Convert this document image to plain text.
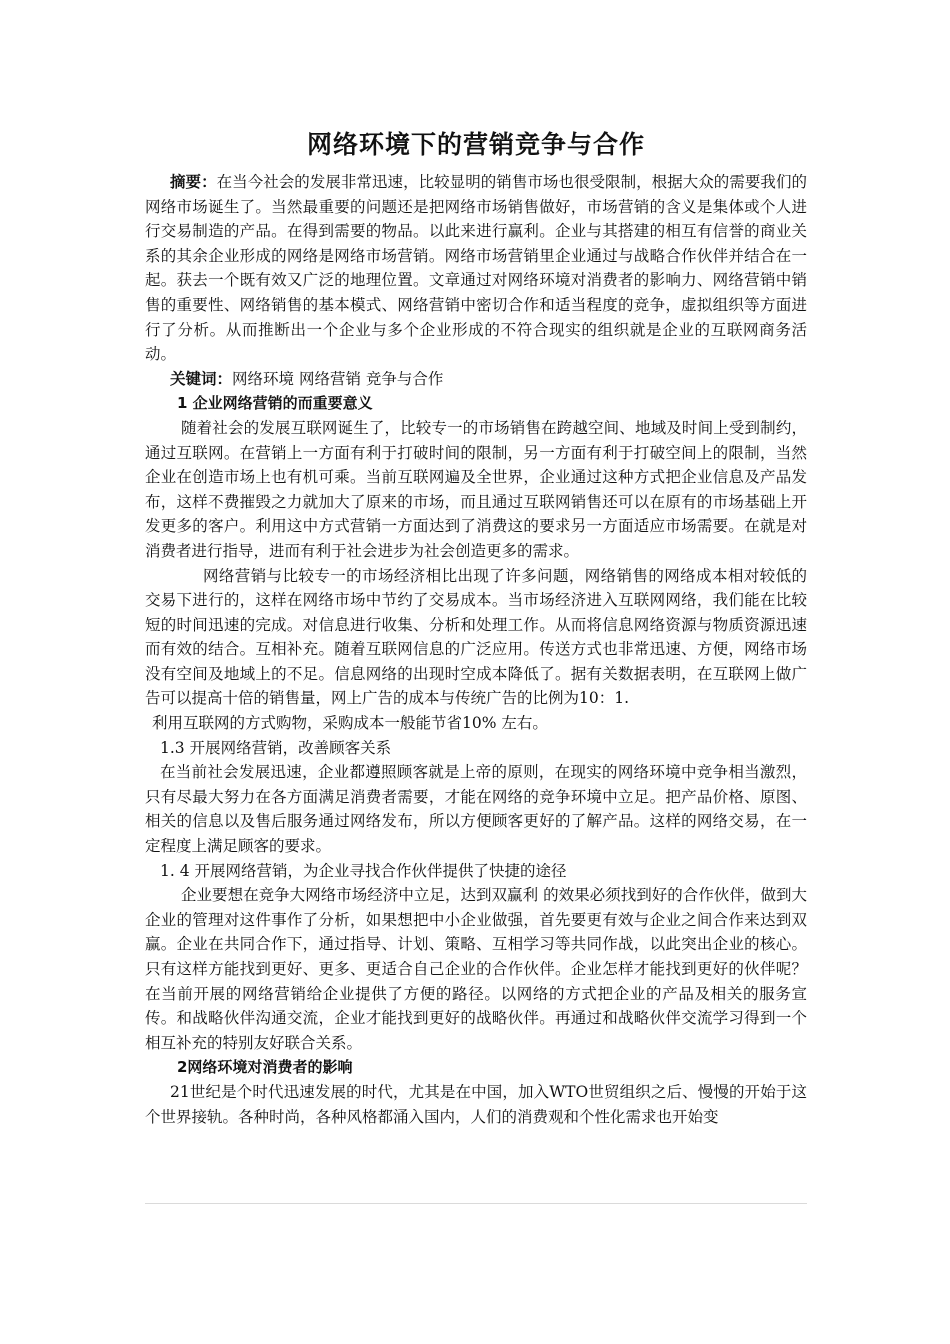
网络环境下的营销竞争与合作

摘要：在当今社会的发展非常迅速，比较显明的销售市场也很受限制，根据大众的需要我们的网络市场诞生了。当然最重要的问题还是把网络市场销售做好，市场营销的含义是集体或个人进行交易制造的产品。在得到需要的物品。以此来进行赢利。企业与其搭建的相互有信誉的商业关系的其余企业形成的网络是网络市场营销。网络市场营销里企业通过与战略合作伙伴并结合在一起。获去一个既有效又广泛的地理位置。文章通过对网络环境对消费者的影响力、网络营销中销售的重要性、网络销售的基本模式、网络营销中密切合作和适当程度的竞争，虚拟组织等方面进行了分析。从而推断出一个企业与多个企业形成的不符合现实的组织就是企业的互联网商务活动。

关键词：网络环境 网络营销 竞争与合作

1 企业网络营销的而重要意义

随着社会的发展互联网诞生了，比较专一的市场销售在跨越空间、地域及时间上受到制约，通过互联网。在营销上一方面有利于打破时间的限制，另一方面有利于打破空间上的限制，当然企业在创造市场上也有机可乘。当前互联网遍及全世界，企业通过这种方式把企业信息及产品发布，这样不费摧毁之力就加大了原来的市场，而且通过互联网销售还可以在原有的市场基础上开发更多的客户。利用这中方式营销一方面达到了消费这的要求另一方面适应市场需要。在就是对消费者进行指导，进而有利于社会进步为社会创造更多的需求。

网络营销与比较专一的市场经济相比出现了许多问题，网络销售的网络成本相对较低的交易下进行的，这样在网络市场中节约了交易成本。当市场经济进入互联网网络，我们能在比较短的时间迅速的完成。对信息进行收集、分析和处理工作。从而将信息网络资源与物质资源迅速而有效的结合。互相补充。随着互联网信息的广泛应用。传送方式也非常迅速、方便，网络市场没有空间及地域上的不足。信息网络的出现时空成本降低了。据有关数据表明，在互联网上做广告可以提高十倍的销售量，网上广告的成本与传统广告的比例为10：1.

利用互联网的方式购物，采购成本一般能节省10% 左右。

1.3 开展网络营销，改善顾客关系

在当前社会发展迅速，企业都遵照顾客就是上帝的原则，在现实的网络环境中竞争相当激烈，只有尽最大努力在各方面满足消费者需要，才能在网络的竞争环境中立足。把产品价格、原图、相关的信息以及售后服务通过网络发布，所以方便顾客更好的了解产品。这样的网络交易，在一定程度上满足顾客的要求。

1. 4 开展网络营销，为企业寻找合作伙伴提供了快捷的途径

企业要想在竞争大网络市场经济中立足，达到双赢利 的效果必须找到好的合作伙伴，做到大企业的管理对这件事作了分析，如果想把中小企业做强，首先要更有效与企业之间合作来达到双赢。企业在共同合作下，通过指导、计划、策略、互相学习等共同作战，以此突出企业的核心。只有这样方能找到更好、更多、更适合自己企业的合作伙伴。企业怎样才能找到更好的伙伴呢？在当前开展的网络营销给企业提供了方便的路径。以网络的方式把企业的产品及相关的服务宣传。和战略伙伴沟通交流，企业才能找到更好的战略伙伴。再通过和战略伙伴交流学习得到一个相互补充的特别友好联合关系。

2网络环境对消费者的影响

21世纪是个时代迅速发展的时代，尤其是在中国，加入WTO世贸组织之后、慢慢的开始于这个世界接轨。各种时尚，各种风格都涌入国内，人们的消费观和个性化需求也开始变
